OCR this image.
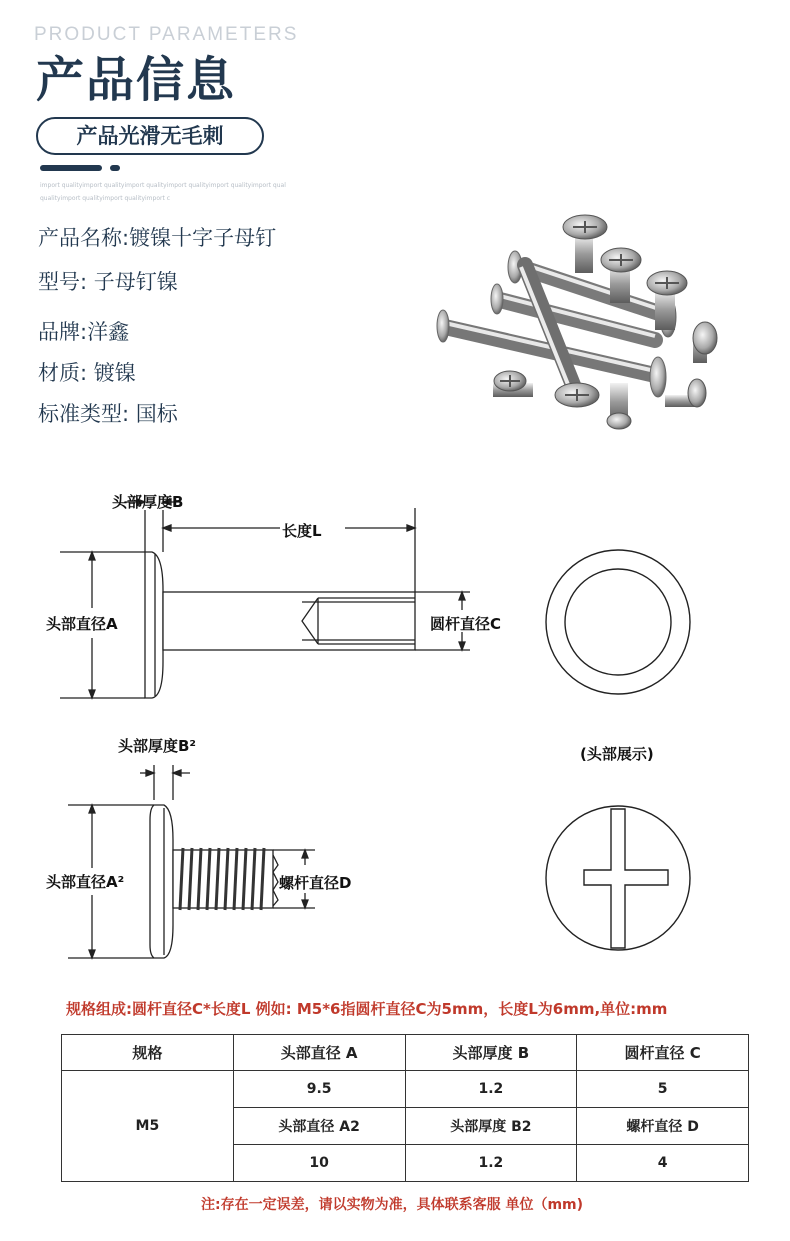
PRODUCT PARAMETERS
产品信息
产品光滑无毛刺
import qualityimport qualityimport qualityimport qualityimport qualityimport qual
qualityimport qualityimport qualityimport c
产品名称:镀镍十字子母钉
型号: 子母钉镍
品牌:洋鑫
材质: 镀镍
标准类型: 国标
头部厚度B
长度L
头部直径A	圆杆直径C
头部厚度B²	(头部展示)
头部直径A²	螺杆直径D
规格组成:圆杆直径C*长度L 例如: M5*6指圆杆直径C为5mm，长度L为6mm,单位:mm
规格	头部直径 A	头部厚度 B	圆杆直径 C
M5	9.5	1.2	5
	头部直径 A2	头部厚度 B2	螺杆直径 D
	10	1.2	4
注:存在一定误差，请以实物为准，具体联系客服 单位（mm)
